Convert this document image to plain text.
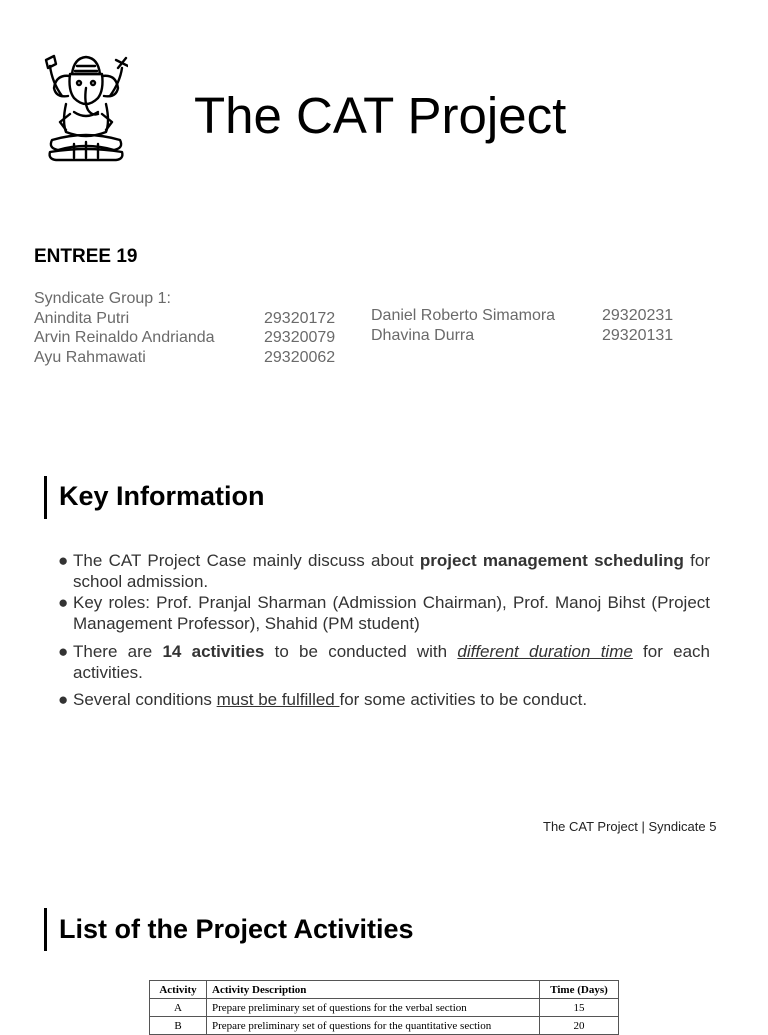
The CAT Project
ENTREE 19
Syndicate Group 1:
Anindita Putri	29320172
Arvin Reinaldo Andrianda	29320079
Ayu Rahmawati	29320062
Daniel Roberto Simamora	29320231
Dhavina Durra	29320131
Key Information
● The CAT Project Case mainly discuss about project management scheduling for school admission.
● Key roles: Prof. Pranjal Sharman (Admission Chairman), Prof. Manoj Bihst (Project Management Professor), Shahid (PM student)
● There are 14 activities to be conducted with different duration time for each activities.
● Several conditions must be fulfilled for some activities to be conduct.
The CAT Project | Syndicate 5
List of the Project Activities
Activity	Activity Description	Time (Days)
A	Prepare preliminary set of questions for the verbal section	15
B	Prepare preliminary set of questions for the quantitative section	20
